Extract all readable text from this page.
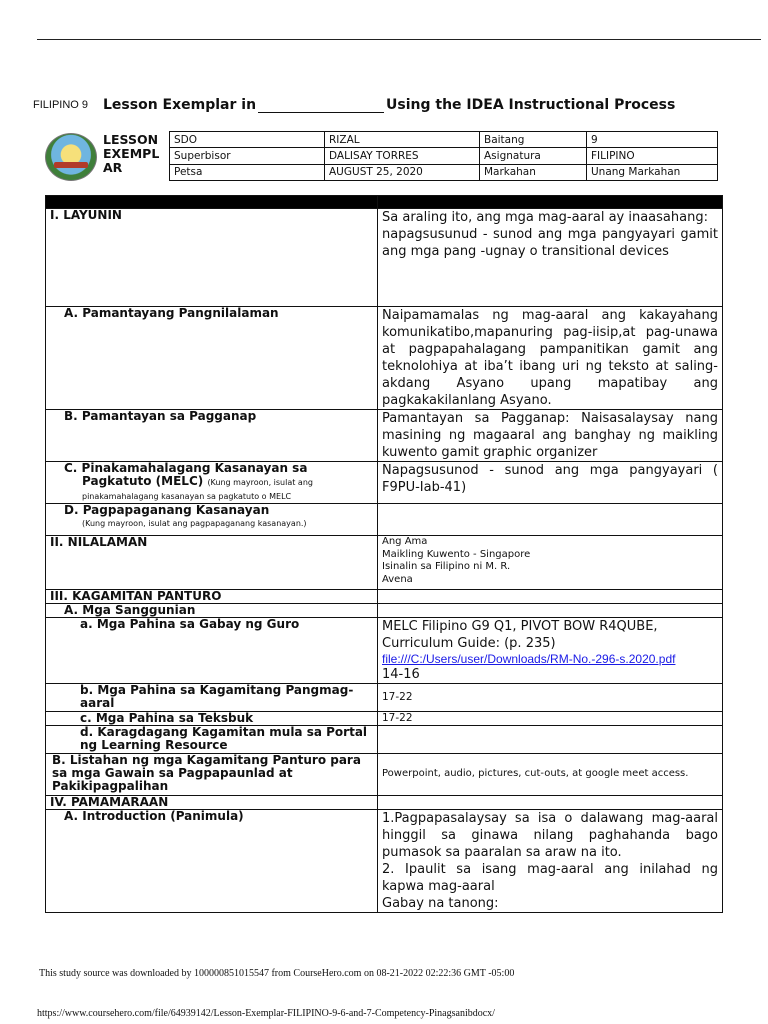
FILIPINO 9 Lesson Exemplar in	Using the IDEA Instructional Process
	LESSON EXEMPL AR	SDO	RIZAL	Baitang	9
		Superbisor	DALISAY TORRES	Asignatura	FILIPINO
		Petsa	AUGUST 25, 2020	Markahan	Unang Markahan

I. LAYUNIN	Sa araling ito, ang mga mag-aaral ay inaasahang:
napagsusunud - sunod ang mga pangyayari gamit ang mga pang -ugnay o transitional devices
A. Pamantayang Pangnilalaman	Naipamamalas ng mag-aaral ang kakayahang komunikatibo,mapanuring pag-iisip,at pag-unawa at pagpapahalagang pampanitikan gamit ang teknolohiya at iba’t ibang uri ng teksto at saling-akdang Asyano upang mapatibay ang pagkakakilanlang Asyano.
B. Pamantayan sa Pagganap	Pamantayan sa Pagganap: Naisasalaysay nang masining ng magaaral ang banghay ng maikling kuwento gamit graphic organizer

C. Pinakamahalagang Kasanayan sa
Pagkatuto (MELC) (Kung mayroon, isulat ang pinakamahalagang kasanayan sa pagkatuto o MELC	Napagsusunod - sunod ang mga pangyayari ( F9PU-Iab-41)

D. Pagpapaganang Kasanayan
(Kung mayroon, isulat ang pagpapaganang kasanayan.)	

II. NILALAMAN	Ang Ama
Maikling Kuwento - Singapore
Isinalin sa Filipino ni M. R.
Avena
III. KAGAMITAN PANTURO	
A. Mga Sanggunian	
a. Mga Pahina sa Gabay ng Guro	MELC Filipino G9 Q1, PIVOT BOW R4QUBE, Curriculum Guide: (p. 235)
file:///C:/Users/user/Downloads/RM-No.-296-s.2020.pdf
14-16

b. Mga Pahina sa Kagamitang Pangmag-aaral	17-22
c. Mga Pahina sa Teksbuk	17-22
d. Karagdagang Kagamitan mula sa Portal ng Learning Resource	
B. Listahan ng mga Kagamitang Panturo para sa mga Gawain sa Pagpapaunlad at Pakikipagpalihan	Powerpoint, audio, pictures, cut-outs, at google meet access.
IV. PAMAMARAAN	
A. Introduction (Panimula)	1.Pagpapasalaysay sa isa o dalawang mag-aaral hinggil sa ginawa nilang paghahanda bago pumasok sa paaralan sa araw na ito.
2. Ipaulit sa isang mag-aaral ang inilahad ng kapwa mag-aaral
Gabay na tanong:
This study source was downloaded by 100000851015547 from CourseHero.com on 08-21-2022 02:22:36 GMT -05:00
https://www.coursehero.com/file/64939142/Lesson-Exemplar-FILIPINO-9-6-and-7-Competency-Pinagsanibdocx/
